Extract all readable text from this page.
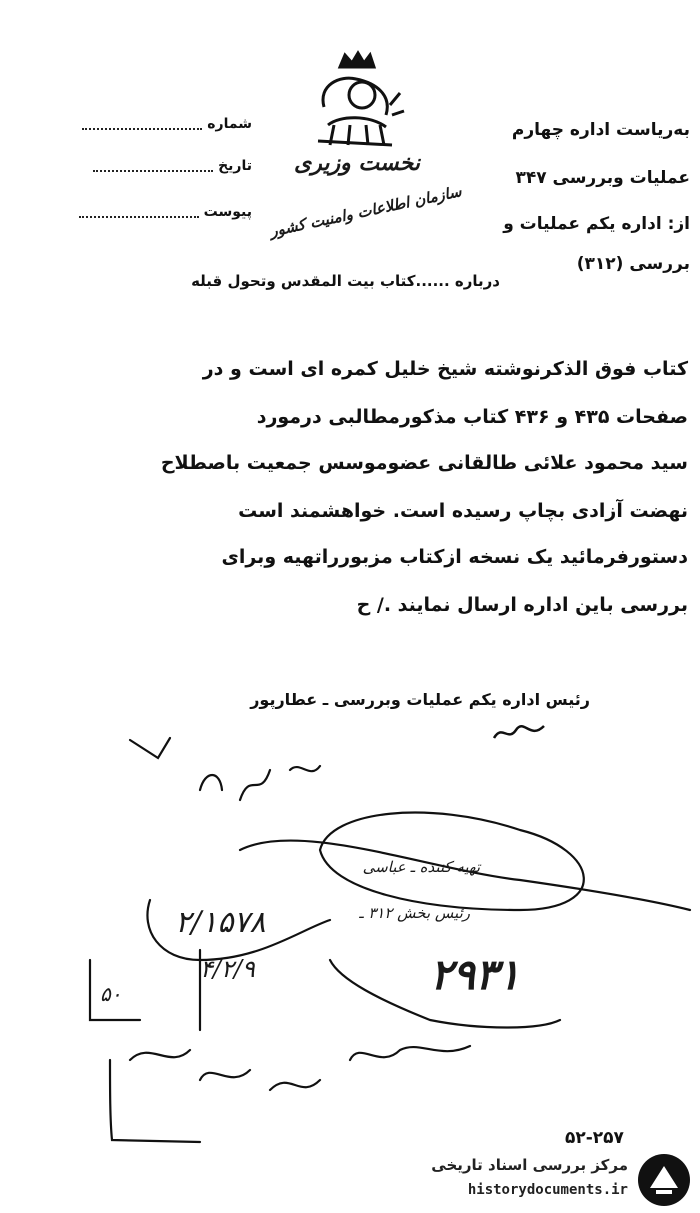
نخست وزیری
سازمان اطلاعات وامنیت کشور
شماره
تاریخ
پیوست
به‌ریاست اداره چهارم
عملیات وبررسی ۳۴۷
از: اداره یکم عملیات و
بررسی (۳۱۲)
درباره ......کتاب بیت المقدس وتحول قبله
کتاب فوق الذکرنوشته شیخ خلیل کمره ای است و در
صفحات ۴۳۵ و ۴۳۶ کتاب مذکورمطالبی درمورد
سید محمود علائی طالقانی عضوموسس جمعیت باصطلاح
نهضت آزادی بچاپ رسیده است. خواهشمند است
دستورفرمائید یک نسخه ازکتاب مزبورراتهیه وبرای
بررسی باین اداره ارسال نمایند ./ ح
رئیس اداره یکم عملیات وبررسی ـ عطارپور
تهیه کننده ـ عباسی
رئیس بخش ۳۱۲ ـ
۲/۱۵۷۸
۴/۲/۹	۲۹۳۱
۵۰
۵۲-۲۵۷
مرکز بررسی اسناد تاریخی
historydocuments.ir
